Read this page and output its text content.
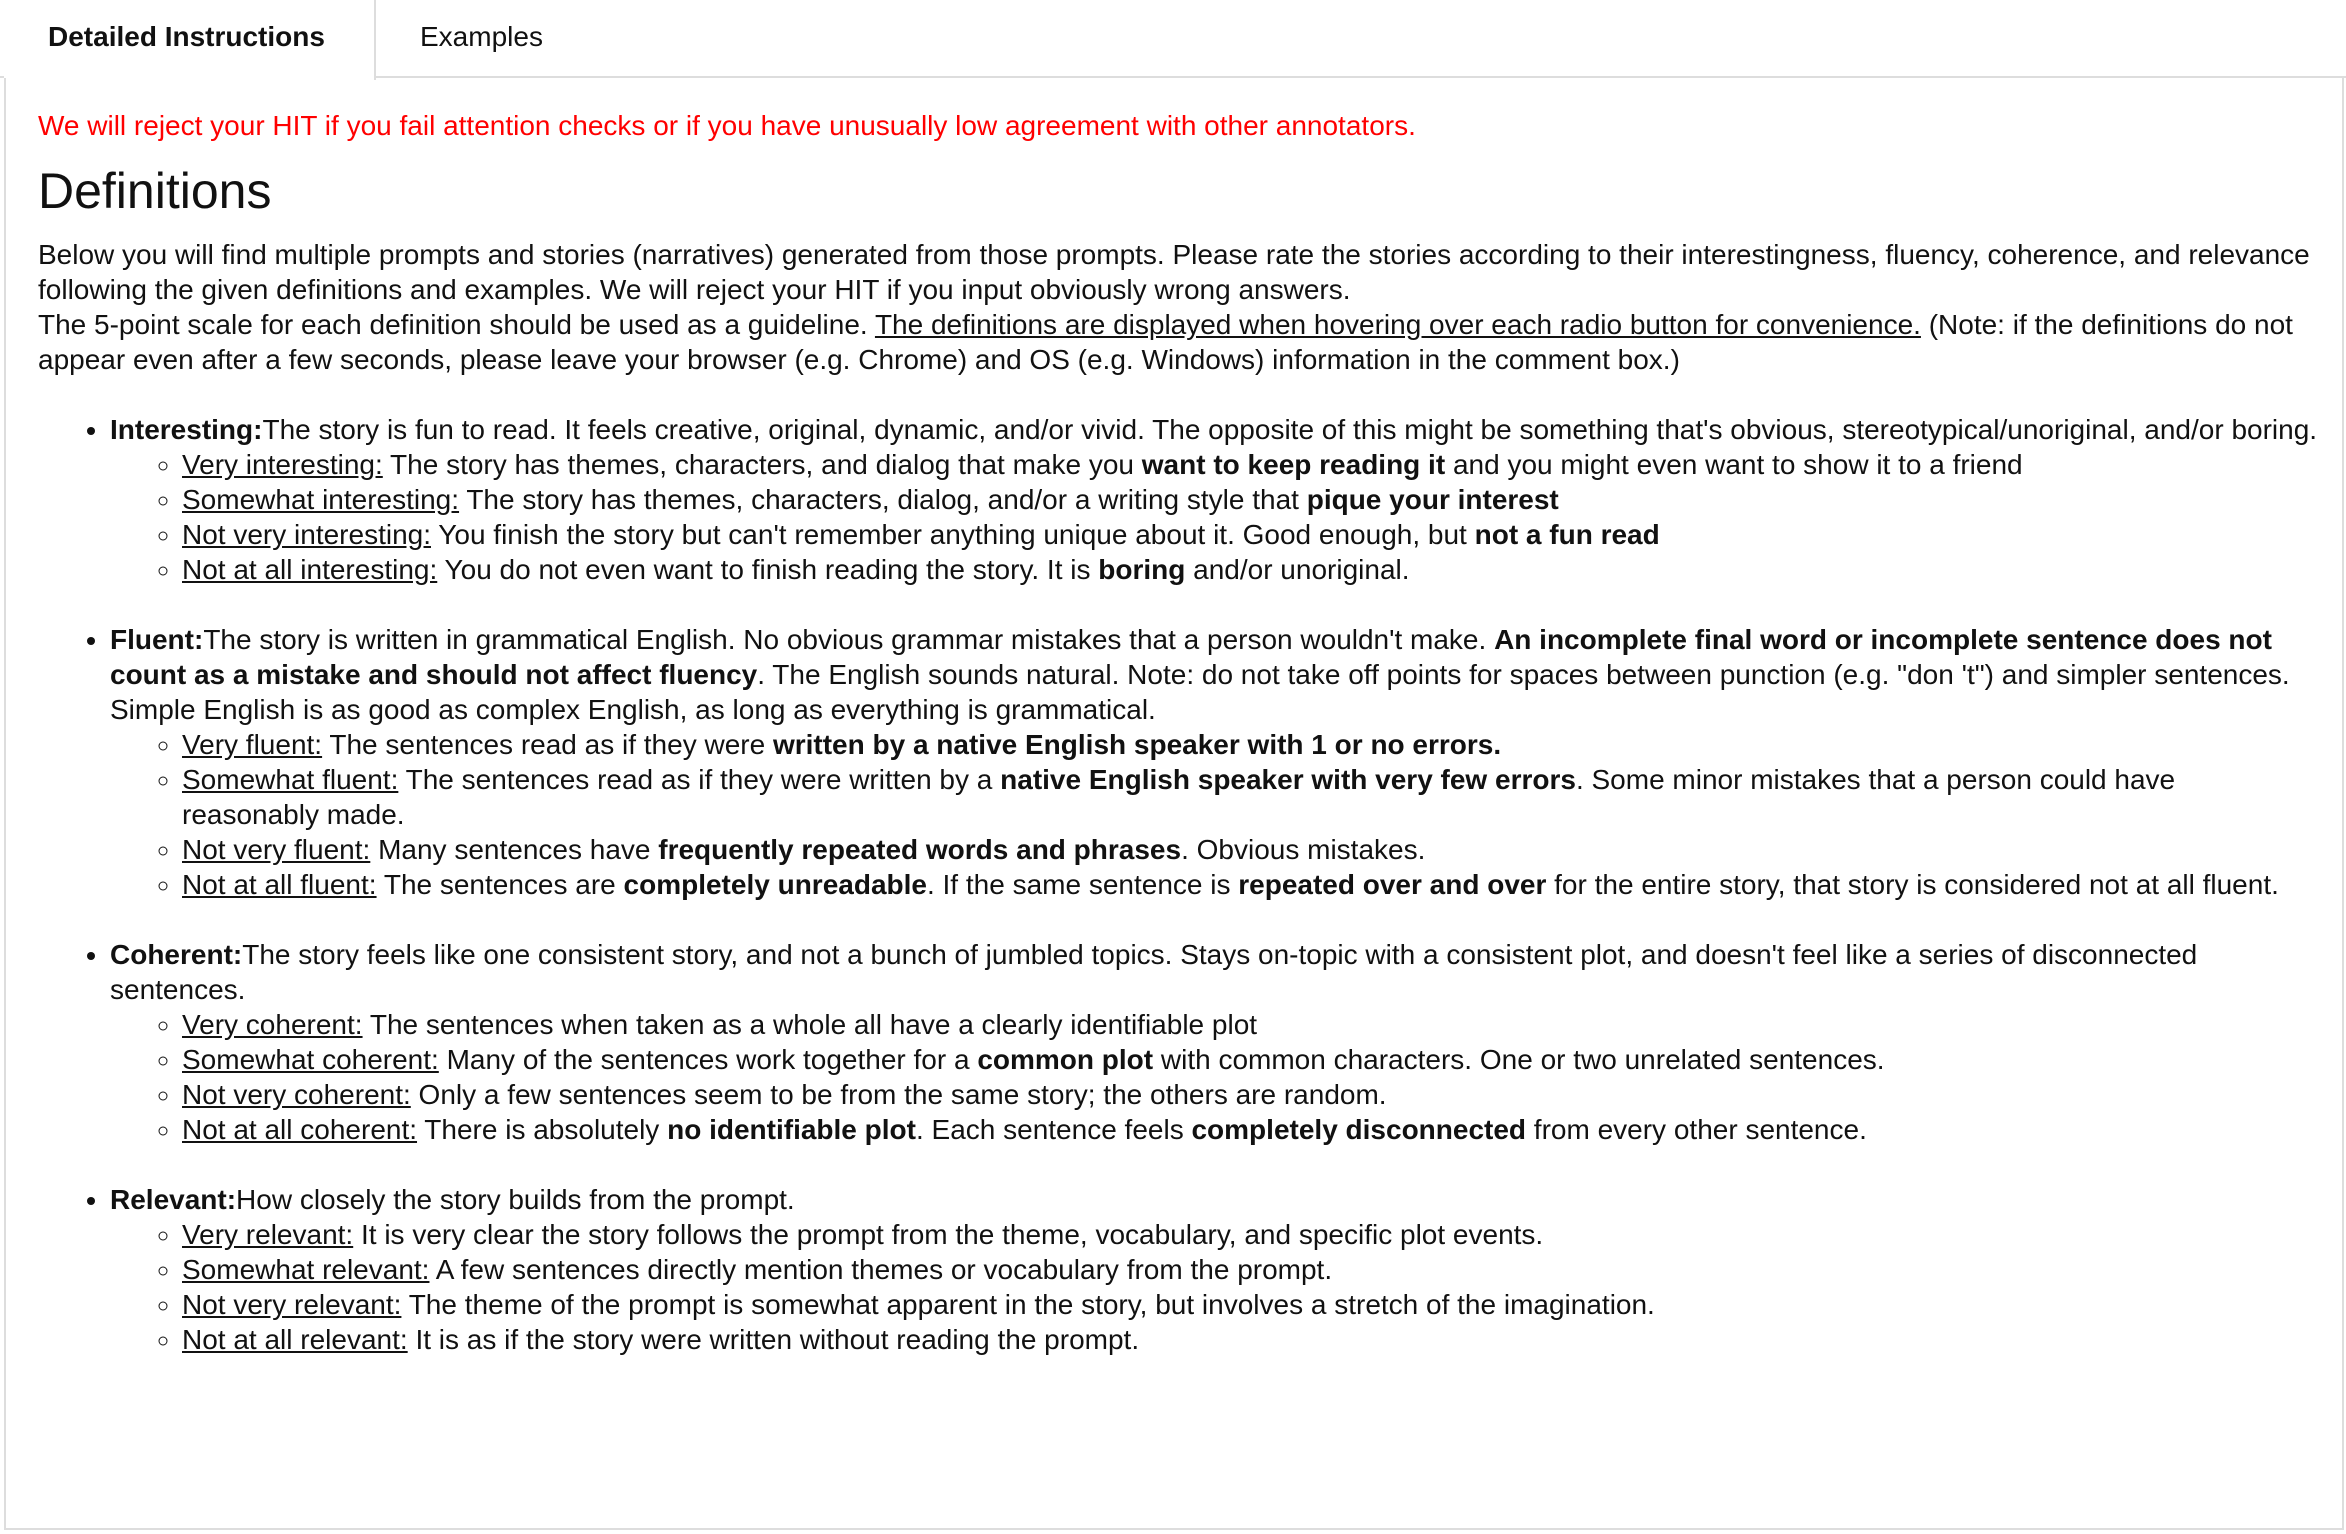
Detailed Instructions	Examples

We will reject your HIT if you fail attention checks or if you have unusually low agreement with other annotators.

Definitions

Below you will find multiple prompts and stories (narratives) generated from those prompts. Please rate the stories according to their interestingness, fluency, coherence, and relevance following the given definitions and examples. We will reject your HIT if you input obviously wrong answers.

The 5-point scale for each definition should be used as a guideline. The definitions are displayed when hovering over each radio button for convenience. (Note: if the definitions do not appear even after a few seconds, please leave your browser (e.g. Chrome) and OS (e.g. Windows) information in the comment box.)

• Interesting:The story is fun to read. It feels creative, original, dynamic, and/or vivid. The opposite of this might be something that's obvious, stereotypical/unoriginal, and/or boring.
◦ Very interesting: The story has themes, characters, and dialog that make you want to keep reading it and you might even want to show it to a friend
◦ Somewhat interesting: The story has themes, characters, dialog, and/or a writing style that pique your interest
◦ Not very interesting: You finish the story but can't remember anything unique about it. Good enough, but not a fun read
◦ Not at all interesting: You do not even want to finish reading the story. It is boring and/or unoriginal.
• Fluent:The story is written in grammatical English. No obvious grammar mistakes that a person wouldn't make. An incomplete final word or incomplete sentence does not count as a mistake and should not affect fluency. The English sounds natural. Note: do not take off points for spaces between punction (e.g. "don 't") and simpler sentences. Simple English is as good as complex English, as long as everything is grammatical.
◦ Very fluent: The sentences read as if they were written by a native English speaker with 1 or no errors.
◦ Somewhat fluent: The sentences read as if they were written by a native English speaker with very few errors. Some minor mistakes that a person could have reasonably made.
◦ Not very fluent: Many sentences have frequently repeated words and phrases. Obvious mistakes.
◦ Not at all fluent: The sentences are completely unreadable. If the same sentence is repeated over and over for the entire story, that story is considered not at all fluent.
• Coherent:The story feels like one consistent story, and not a bunch of jumbled topics. Stays on-topic with a consistent plot, and doesn't feel like a series of disconnected sentences.
◦ Very coherent: The sentences when taken as a whole all have a clearly identifiable plot
◦ Somewhat coherent: Many of the sentences work together for a common plot with common characters. One or two unrelated sentences.
◦ Not very coherent: Only a few sentences seem to be from the same story; the others are random.
◦ Not at all coherent: There is absolutely no identifiable plot. Each sentence feels completely disconnected from every other sentence.
• Relevant:How closely the story builds from the prompt.
◦ Very relevant: It is very clear the story follows the prompt from the theme, vocabulary, and specific plot events.
◦ Somewhat relevant: A few sentences directly mention themes or vocabulary from the prompt.
◦ Not very relevant: The theme of the prompt is somewhat apparent in the story, but involves a stretch of the imagination.
◦ Not at all relevant: It is as if the story were written without reading the prompt.
